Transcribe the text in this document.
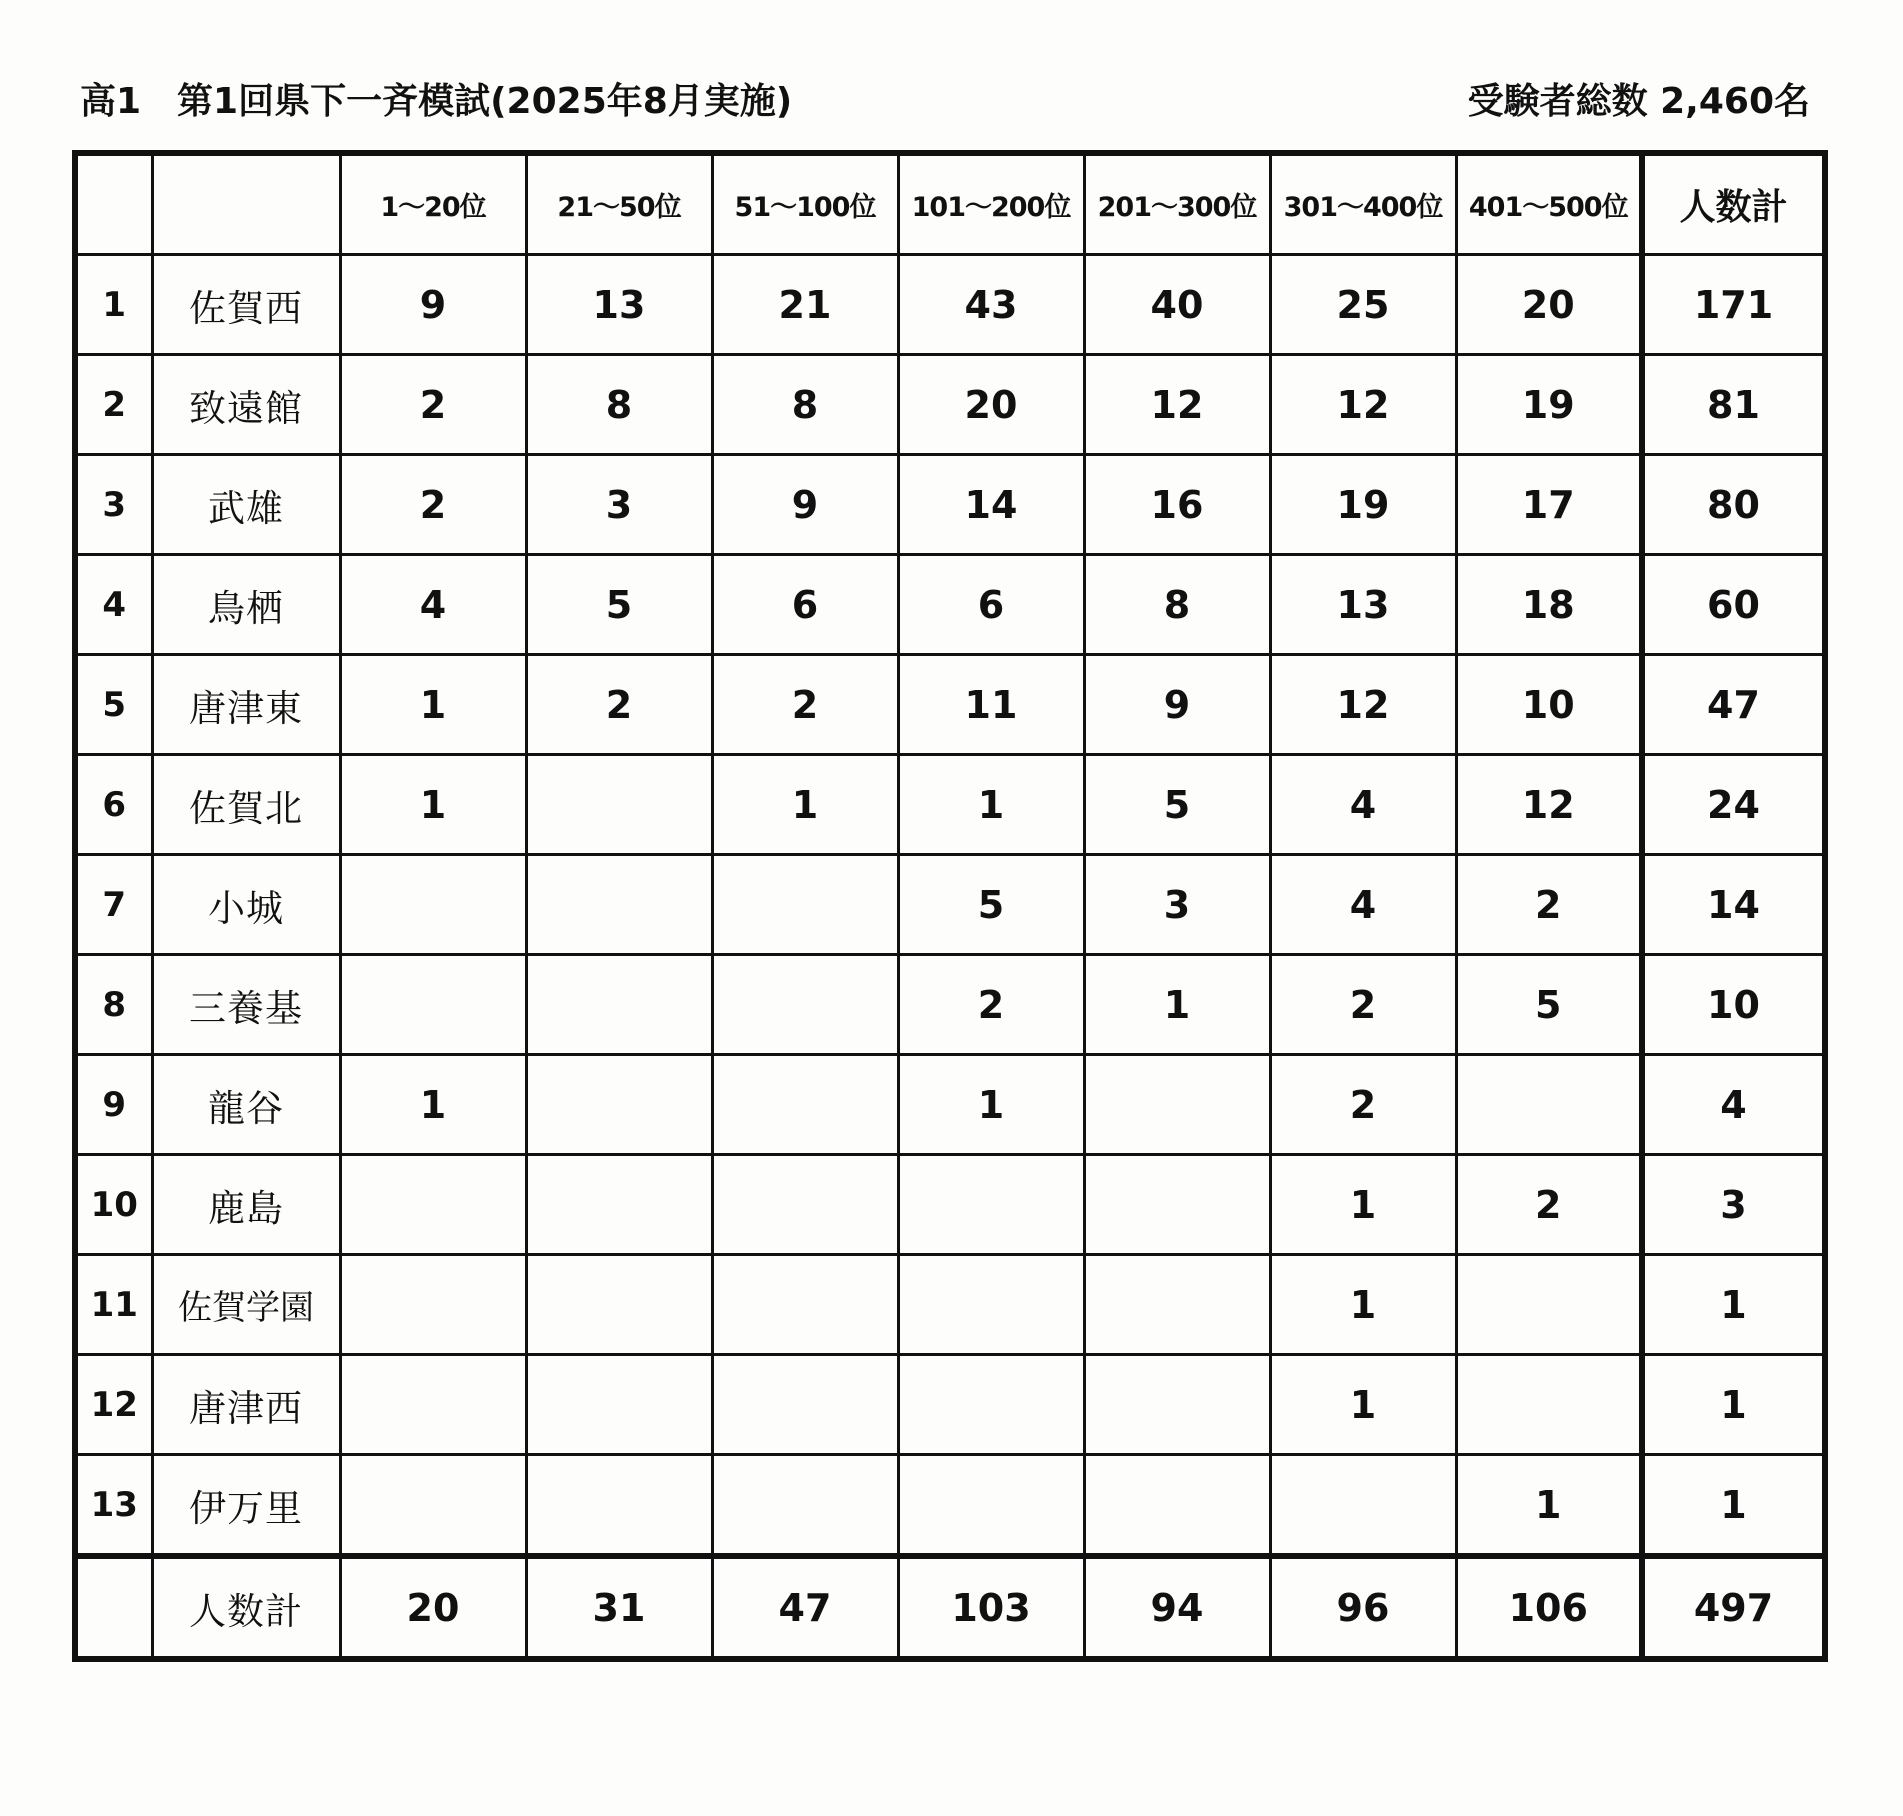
高1　第1回県下一斉模試(2025年8月実施)	受験者総数 2,460名
		1～20位	21～50位	51～100位	101～200位	201～300位	301～400位	401～500位	人数計
1	佐賀西	9	13	21	43	40	25	20	171
2	致遠館	2	8	8	20	12	12	19	81
3	武雄	2	3	9	14	16	19	17	80
4	鳥栖	4	5	6	6	8	13	18	60
5	唐津東	1	2	2	11	9	12	10	47
6	佐賀北	1		1	1	5	4	12	24
7	小城				5	3	4	2	14
8	三養基				2	1	2	5	10
9	龍谷	1			1		2		4
10	鹿島						1	2	3
11	佐賀学園						1		1
12	唐津西						1		1
13	伊万里							1	1
	人数計	20	31	47	103	94	96	106	497
